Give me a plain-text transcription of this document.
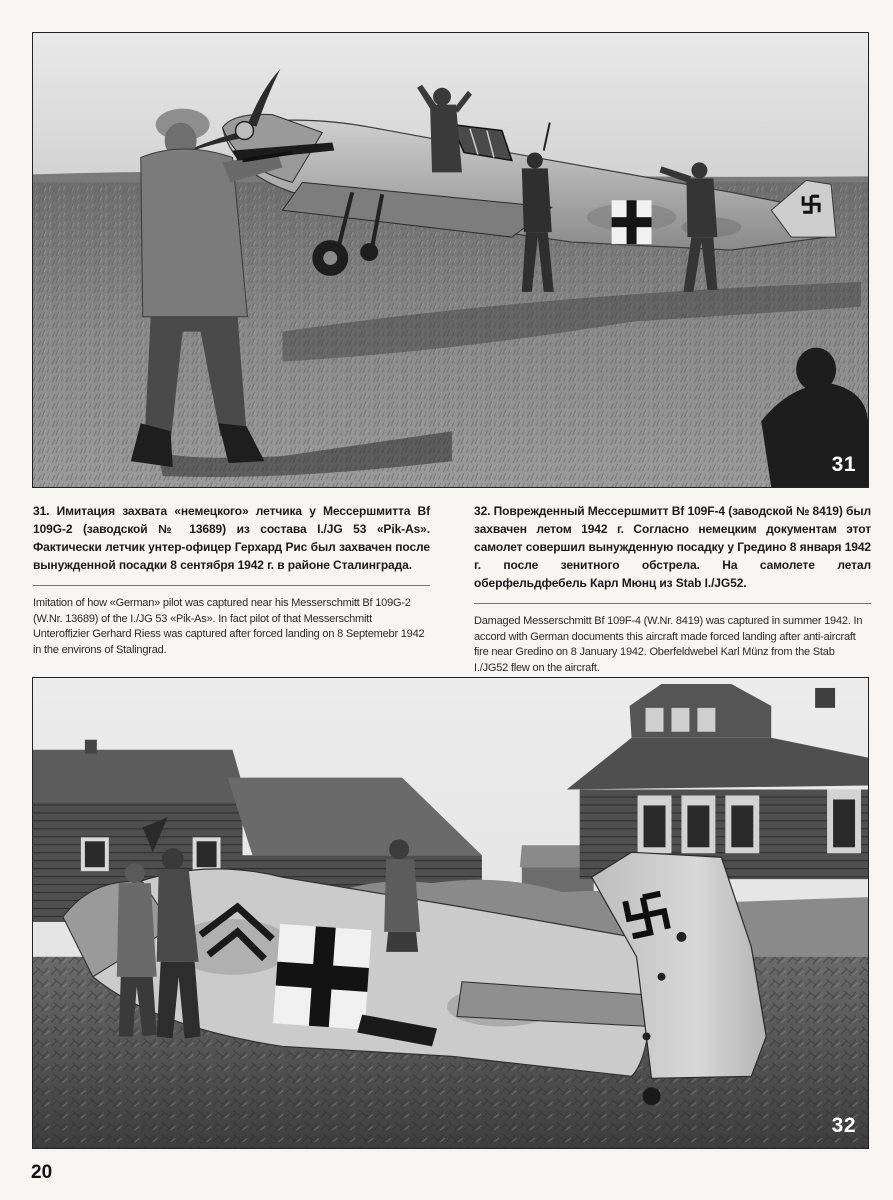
31

31. Имитация захвата «немецкого» летчика у Мессершмитта Bf 109G-2 (заводской № 13689) из состава I./JG 53 «Pik-As». Фактически летчик унтер-офицер Герхард Рис был захвачен после вынужденной посадки 8 сентября 1942 г. в районе Сталинграда.

Imitation of how «German» pilot was captured near his Messerschmitt Bf 109G-2 (W.Nr. 13689) of the I./JG 53 «Pik-As». In fact pilot of that Messerschmitt Unteroffizier Gerhard Riess was captured after forced landing on 8 Septemebr 1942 in the environs of Stalingrad.

32. Поврежденный Мессершмитт Bf 109F-4 (заводской № 8419) был захвачен летом 1942 г. Согласно немецким документам этот самолет совершил вынужденную посадку у Гредино 8 января 1942 г. после зенитного обстрела. На самолете летал оберфельдфебель Карл Мюнц из Stab I./JG52.

Damaged Messerschmitt Bf 109F-4 (W.Nr. 8419) was captured in summer 1942. In accord with German documents this aircraft made forced landing after anti-aircraft fire near Gredino on 8 January 1942. Oberfeldwebel Karl Münz from the Stab I./JG52 flew on the aircraft.

32
20
